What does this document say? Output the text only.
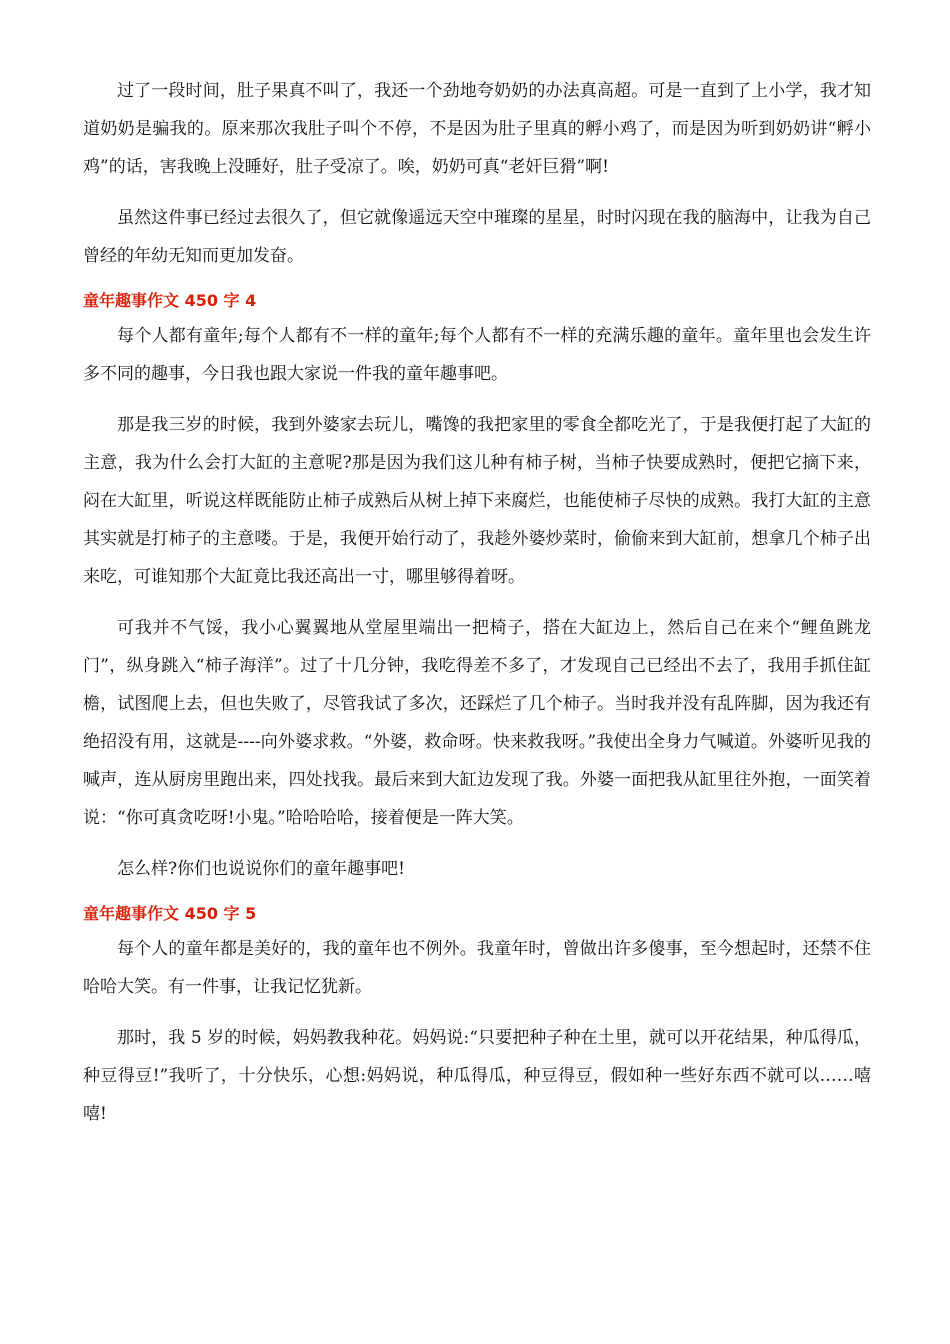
过了一段时间，肚子果真不叫了，我还一个劲地夸奶奶的办法真高超。可是一直到了上小学，我才知道奶奶是骗我的。原来那次我肚子叫个不停，不是因为肚子里真的孵小鸡了，而是因为听到奶奶讲“孵小鸡”的话，害我晚上没睡好，肚子受凉了。唉，奶奶可真“老奸巨猾”啊!

虽然这件事已经过去很久了，但它就像遥远天空中璀璨的星星，时时闪现在我的脑海中，让我为自己曾经的年幼无知而更加发奋。

童年趣事作文 450 字 4

每个人都有童年;每个人都有不一样的童年;每个人都有不一样的充满乐趣的童年。童年里也会发生许多不同的趣事，今日我也跟大家说一件我的童年趣事吧。

那是我三岁的时候，我到外婆家去玩儿，嘴馋的我把家里的零食全都吃光了，于是我便打起了大缸的主意，我为什么会打大缸的主意呢?那是因为我们这儿种有柿子树，当柿子快要成熟时，便把它摘下来，闷在大缸里，听说这样既能防止柿子成熟后从树上掉下来腐烂，也能使柿子尽快的成熟。我打大缸的主意其实就是打柿子的主意喽。于是，我便开始行动了，我趁外婆炒菜时，偷偷来到大缸前，想拿几个柿子出来吃，可谁知那个大缸竟比我还高出一寸，哪里够得着呀。

可我并不气馁，我小心翼翼地从堂屋里端出一把椅子，搭在大缸边上，然后自己在来个“鲤鱼跳龙门”，纵身跳入“柿子海洋”。过了十几分钟，我吃得差不多了，才发现自己已经出不去了，我用手抓住缸檐，试图爬上去，但也失败了，尽管我试了多次，还踩烂了几个柿子。当时我并没有乱阵脚，因为我还有绝招没有用，这就是----向外婆求救。“外婆，救命呀。快来救我呀。”我使出全身力气喊道。外婆听见我的喊声，连从厨房里跑出来，四处找我。最后来到大缸边发现了我。外婆一面把我从缸里往外抱，一面笑着说：“你可真贪吃呀!小鬼。”哈哈哈哈，接着便是一阵大笑。

怎么样?你们也说说你们的童年趣事吧!

童年趣事作文 450 字 5

每个人的童年都是美好的，我的童年也不例外。我童年时，曾做出许多傻事，至今想起时，还禁不住哈哈大笑。有一件事，让我记忆犹新。

那时，我 5 岁的时候，妈妈教我种花。妈妈说:“只要把种子种在土里，就可以开花结果，种瓜得瓜，种豆得豆!”我听了，十分快乐，心想:妈妈说，种瓜得瓜，种豆得豆，假如种一些好东西不就可以……嘻嘻!
